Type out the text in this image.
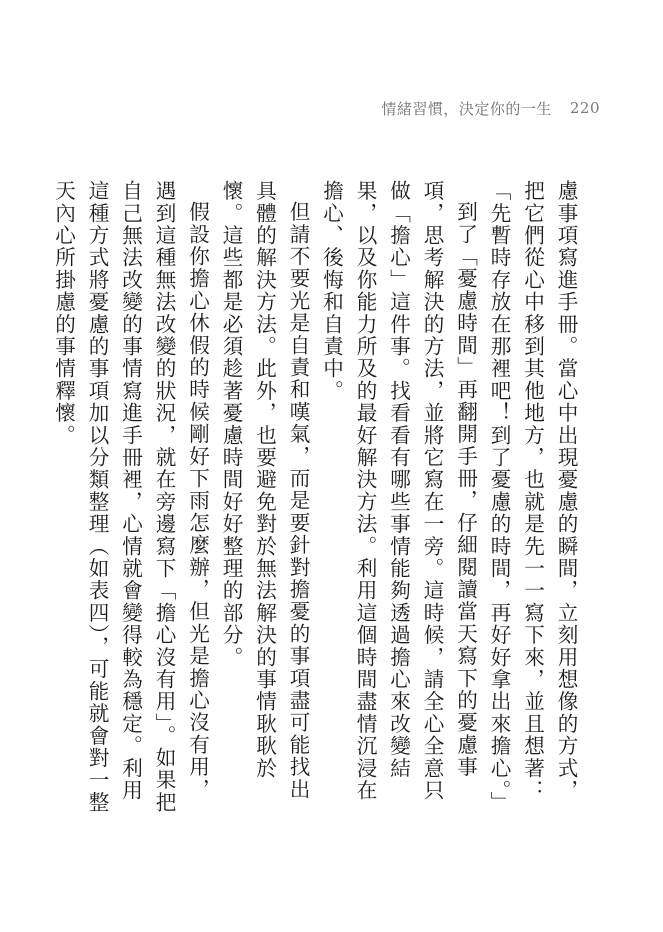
情緒習慣，決定你的一生 220

慮事項寫進手冊。當心中出現憂慮的瞬間，立刻用想像的方式，把它們從心中移到其他地方，也就是先一一寫下來，並且想著：「先暫時存放在那裡吧！到了憂慮的時間，再好好拿出來擔心。」

到了「憂慮時間」再翻開手冊，仔細閱讀當天寫下的憂慮事項，思考解決的方法，並將它寫在一旁。這時候，請全心全意只做「擔心」這件事。找看看有哪些事情能夠透過擔心來改變結果，以及你能力所及的最好解決方法。利用這個時間盡情沉浸在擔心、後悔和自責中。

但請不要光是自責和嘆氣，而是要針對擔憂的事項盡可能找出具體的解決方法。此外，也要避免對於無法解決的事情耿耿於懷。這些都是必須趁著憂慮時間好好整理的部分。

假設你擔心休假的時候剛好下雨怎麼辦，但光是擔心沒有用，遇到這種無法改變的狀況，就在旁邊寫下「擔心沒有用」。如果把自己無法改變的事情寫進手冊裡，心情就會變得較為穩定。利用這種方式將憂慮的事項加以分類整理（如表四），可能就會對一整天內心所掛慮的事情釋懷。
